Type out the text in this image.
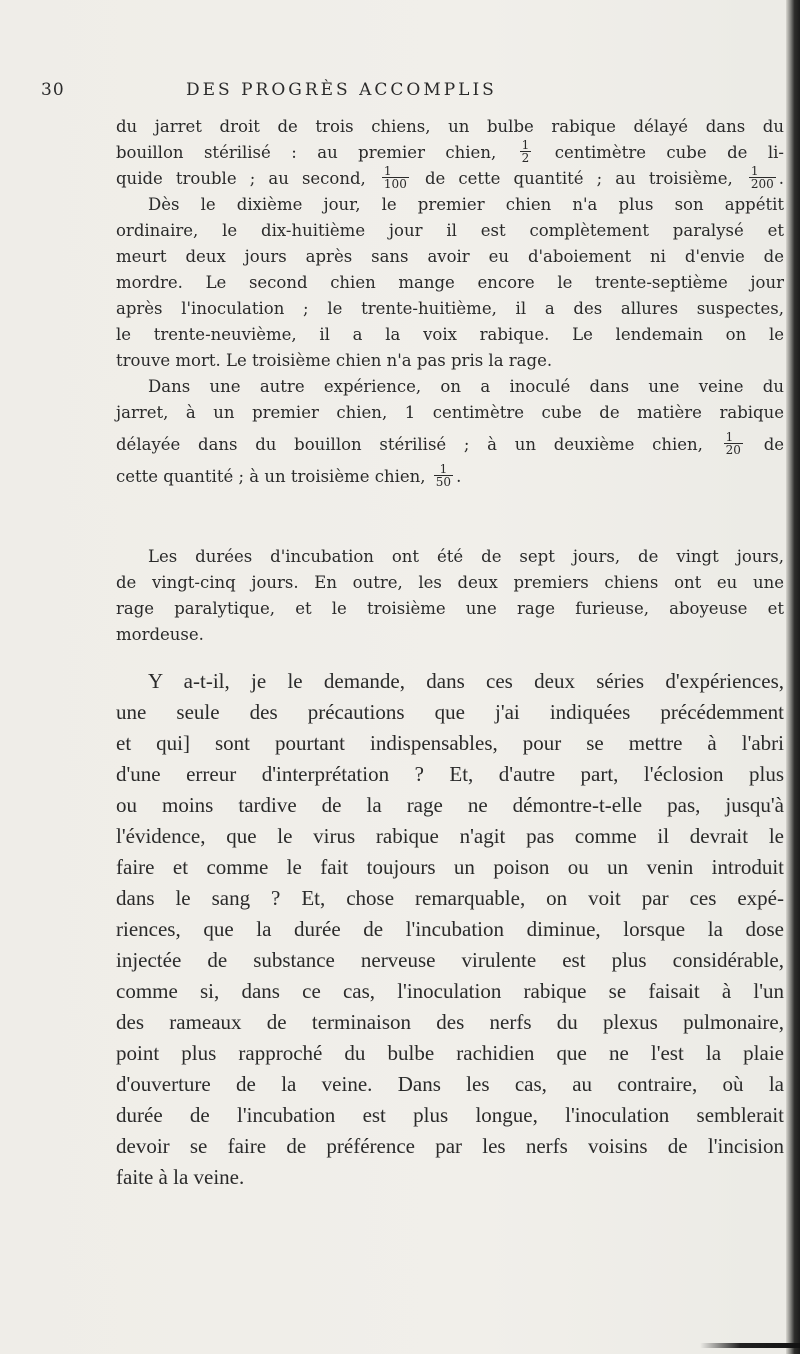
30	DES PROGRÈS ACCOMPLIS

du jarret droit de trois chiens, un bulbe rabique délayé dans du

bouillon stérilisé : au premier chien, $\frac{1}{2}$ centimètre cube de li-

quide trouble ; au second, $\frac{1}{100}$ de cette quantité ; au troisième, $\frac{1}{200}$ .

Dès le dixième jour, le premier chien n'a plus son appétit

ordinaire, le dix-huitième jour il est complètement paralysé et

meurt deux jours après sans avoir eu d'aboiement ni d'envie de

mordre. Le second chien mange encore le trente-septième jour

après l'inoculation ; le trente-huitième, il a des allures suspectes,

le trente-neuvième, il a la voix rabique. Le lendemain on le

trouve mort. Le troisième chien n'a pas pris la rage.

Dans une autre expérience, on a inoculé dans une veine du

jarret, à un premier chien, 1 centimètre cube de matière rabique

délayée dans du bouillon stérilisé ; à un deuxième chien, $\frac{1}{20}$ de

cette quantité ; à un troisième chien, $\frac{1}{50}$ .

Les durées d'incubation ont été de sept jours, de vingt jours,

de vingt-cinq jours. En outre, les deux premiers chiens ont eu une

rage paralytique, et le troisième une rage furieuse, aboyeuse et

mordeuse.

Y a-t-il, je le demande, dans ces deux séries d'expériences,

une seule des précautions que j'ai indiquées précédemment

et qui] sont pourtant indispensables, pour se mettre à l'abri

d'une erreur d'interprétation ? Et, d'autre part, l'éclosion plus

ou moins tardive de la rage ne démontre-t-elle pas, jusqu'à

l'évidence, que le virus rabique n'agit pas comme il devrait le

faire et comme le fait toujours un poison ou un venin introduit

dans le sang ? Et, chose remarquable, on voit par ces expé-

riences, que la durée de l'incubation diminue, lorsque la dose

injectée de substance nerveuse virulente est plus considérable,

comme si, dans ce cas, l'inoculation rabique se faisait à l'un

des rameaux de terminaison des nerfs du plexus pulmonaire,

point plus rapproché du bulbe rachidien que ne l'est la plaie

d'ouverture de la veine. Dans les cas, au contraire, où la

durée de l'incubation est plus longue, l'inoculation semblerait

devoir se faire de préférence par les nerfs voisins de l'incision

faite à la veine.
